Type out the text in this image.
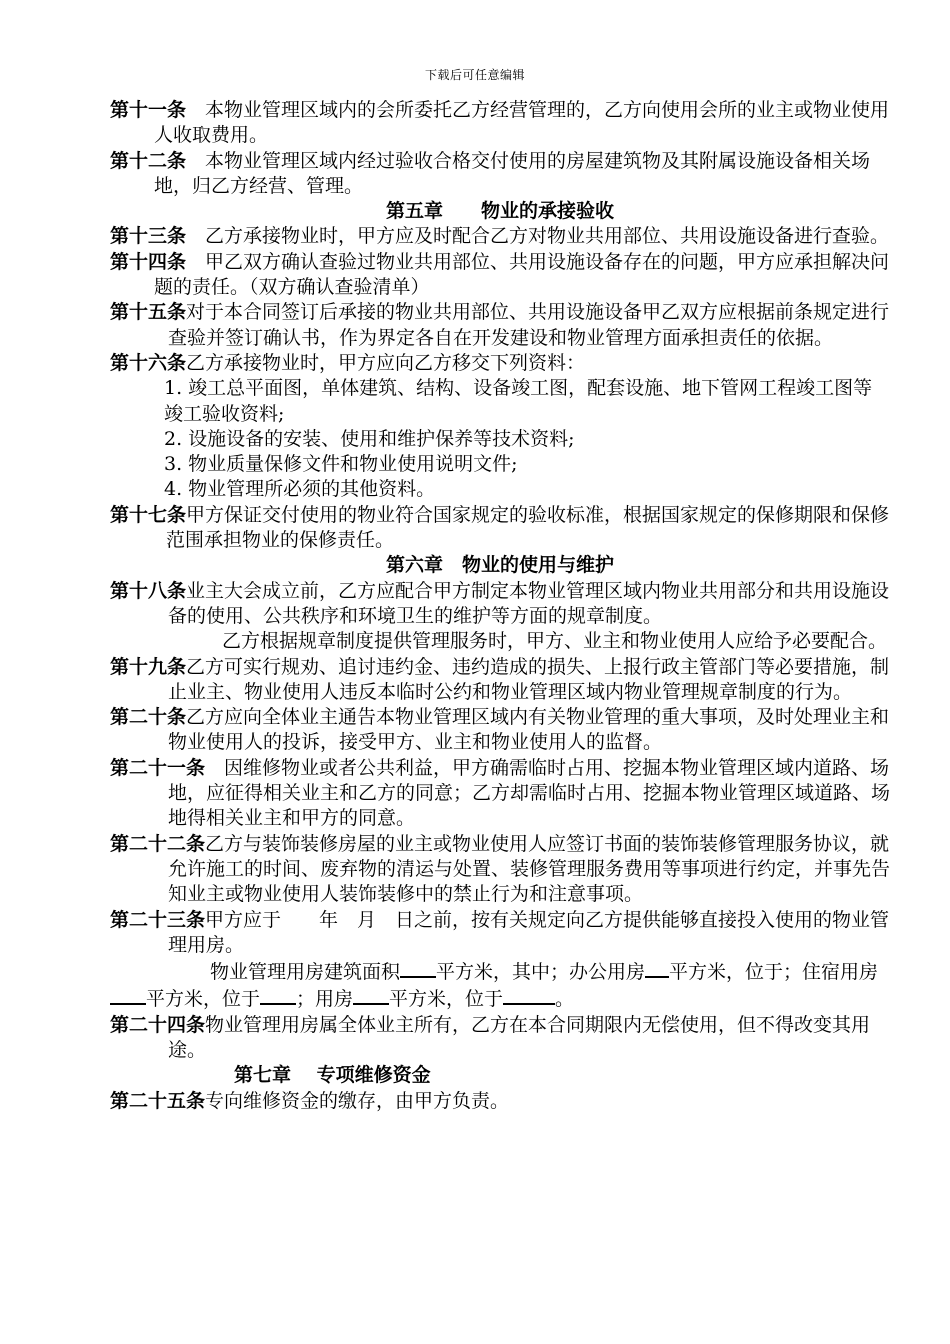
下载后可任意编辑

第十一条　本物业管理区域内的会所委托乙方经营管理的，乙方向使用会所的业主或物业使用人收取费用。

第十二条　本物业管理区域内经过验收合格交付使用的房屋建筑物及其附属设施设备相关场地，归乙方经营、管理。

第五章　　物业的承接验收

第十三条　乙方承接物业时，甲方应及时配合乙方对物业共用部位、共用设施设备进行查验。

第十四条　甲乙双方确认查验过物业共用部位、共用设施设备存在的问题，甲方应承担解决问题的责任。（双方确认查验清单）

第十五条对于本合同签订后承接的物业共用部位、共用设施设备甲乙双方应根据前条规定进行查验并签订确认书，作为界定各自在开发建设和物业管理方面承担责任的依据。

第十六条乙方承接物业时，甲方应向乙方移交下列资料：

1. 竣工总平面图，单体建筑、结构、设备竣工图，配套设施、地下管网工程竣工图等竣工验收资料;

2. 设施设备的安装、使用和维护保养等技术资料;

3. 物业质量保修文件和物业使用说明文件;

4. 物业管理所必须的其他资料。

第十七条甲方保证交付使用的物业符合国家规定的验收标准，根据国家规定的保修期限和保修范围承担物业的保修责任。

第六章　物业的使用与维护

第十八条业主大会成立前，乙方应配合甲方制定本物业管理区域内物业共用部分和共用设施设备的使用、公共秩序和环境卫生的维护等方面的规章制度。

乙方根据规章制度提供管理服务时，甲方、业主和物业使用人应给予必要配合。

第十九条乙方可实行规劝、追讨违约金、违约造成的损失、上报行政主管部门等必要措施，制止业主、物业使用人违反本临时公约和物业管理区域内物业管理规章制度的行为。

第二十条乙方应向全体业主通告本物业管理区域内有关物业管理的重大事项，及时处理业主和物业使用人的投诉，接受甲方、业主和物业使用人的监督。

第二十一条　因维修物业或者公共利益，甲方确需临时占用、挖掘本物业管理区域内道路、场地，应征得相关业主和乙方的同意；乙方却需临时占用、挖掘本物业管理区域道路、场地得相关业主和甲方的同意。

第二十二条乙方与装饰装修房屋的业主或物业使用人应签订书面的装饰装修管理服务协议，就允许施工的时间、废弃物的清运与处置、装修管理服务费用等事项进行约定，并事先告知业主或物业使用人装饰装修中的禁止行为和注意事项。

第二十三条甲方应于　　年　月　日之前，按有关规定向乙方提供能够直接投入使用的物业管理用房。

物业管理用房建筑面积 平方米，其中；办公用房 平方米，位于；住宿用房平方米，位于 ；用房 平方米，位于	。

第二十四条物业管理用房属全体业主所有，乙方在本合同期限内无偿使用，但不得改变其用途。

第七章　 专项维修资金

第二十五条专向维修资金的缴存，由甲方负责。
